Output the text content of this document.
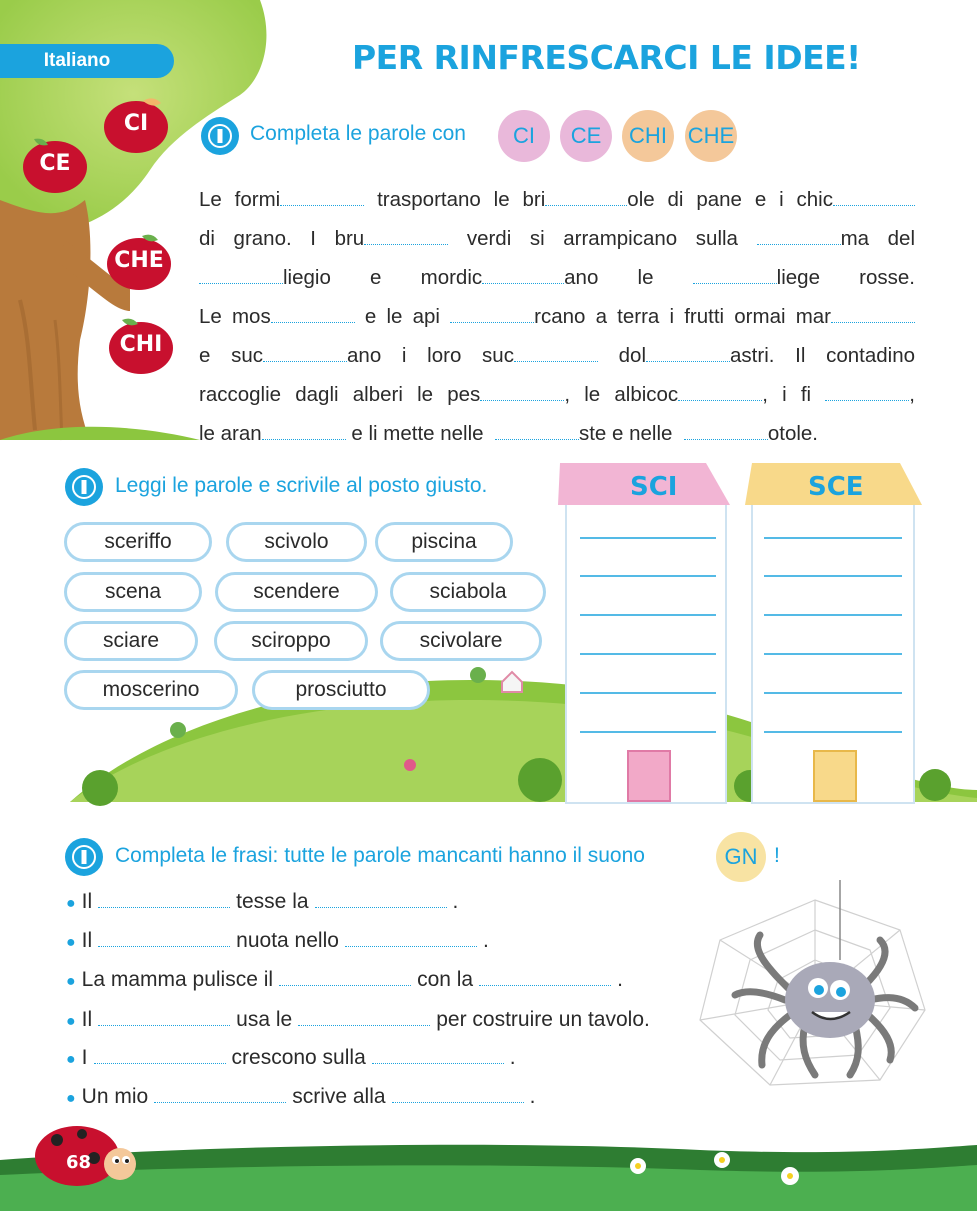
Italiano
CI
CE
CHE
CHI
PER RINFRESCARCI LE IDEE!
Completa le parole con	CI	CE	CHI CHE

Le formi	trasportano le bri	ole di pane e i chic

di grano. I bru	verdi si arrampicano sulla	ma del

liegio e mordic	ano le	liege rosse.

Le mos	e le api	rcano a terra i frutti ormai mar

e suc	ano i loro suc	dol	astri. Il contadino

raccoglie dagli alberi le pes	, le albicoc	, i fi	,

le aran	e li mette nelle	ste e nelle	otole.

Leggi le parole e scrivile al posto giusto.
sceriffo	scivolo	piscina
scena	scendere	sciabola
sciare	sciroppo	scivolare
moscerino	prosciutto
SCI	SCE
Completa le frasi: tutte le parole mancanti hanno il suono	GN !
● Il	tesse la	.
● Il	nuota nello	.
● La mamma pulisce il	con la	.
● Il	usa le	per costruire un tavolo.
● I	crescono sulla	.
● Un mio	scrive alla	.
68
